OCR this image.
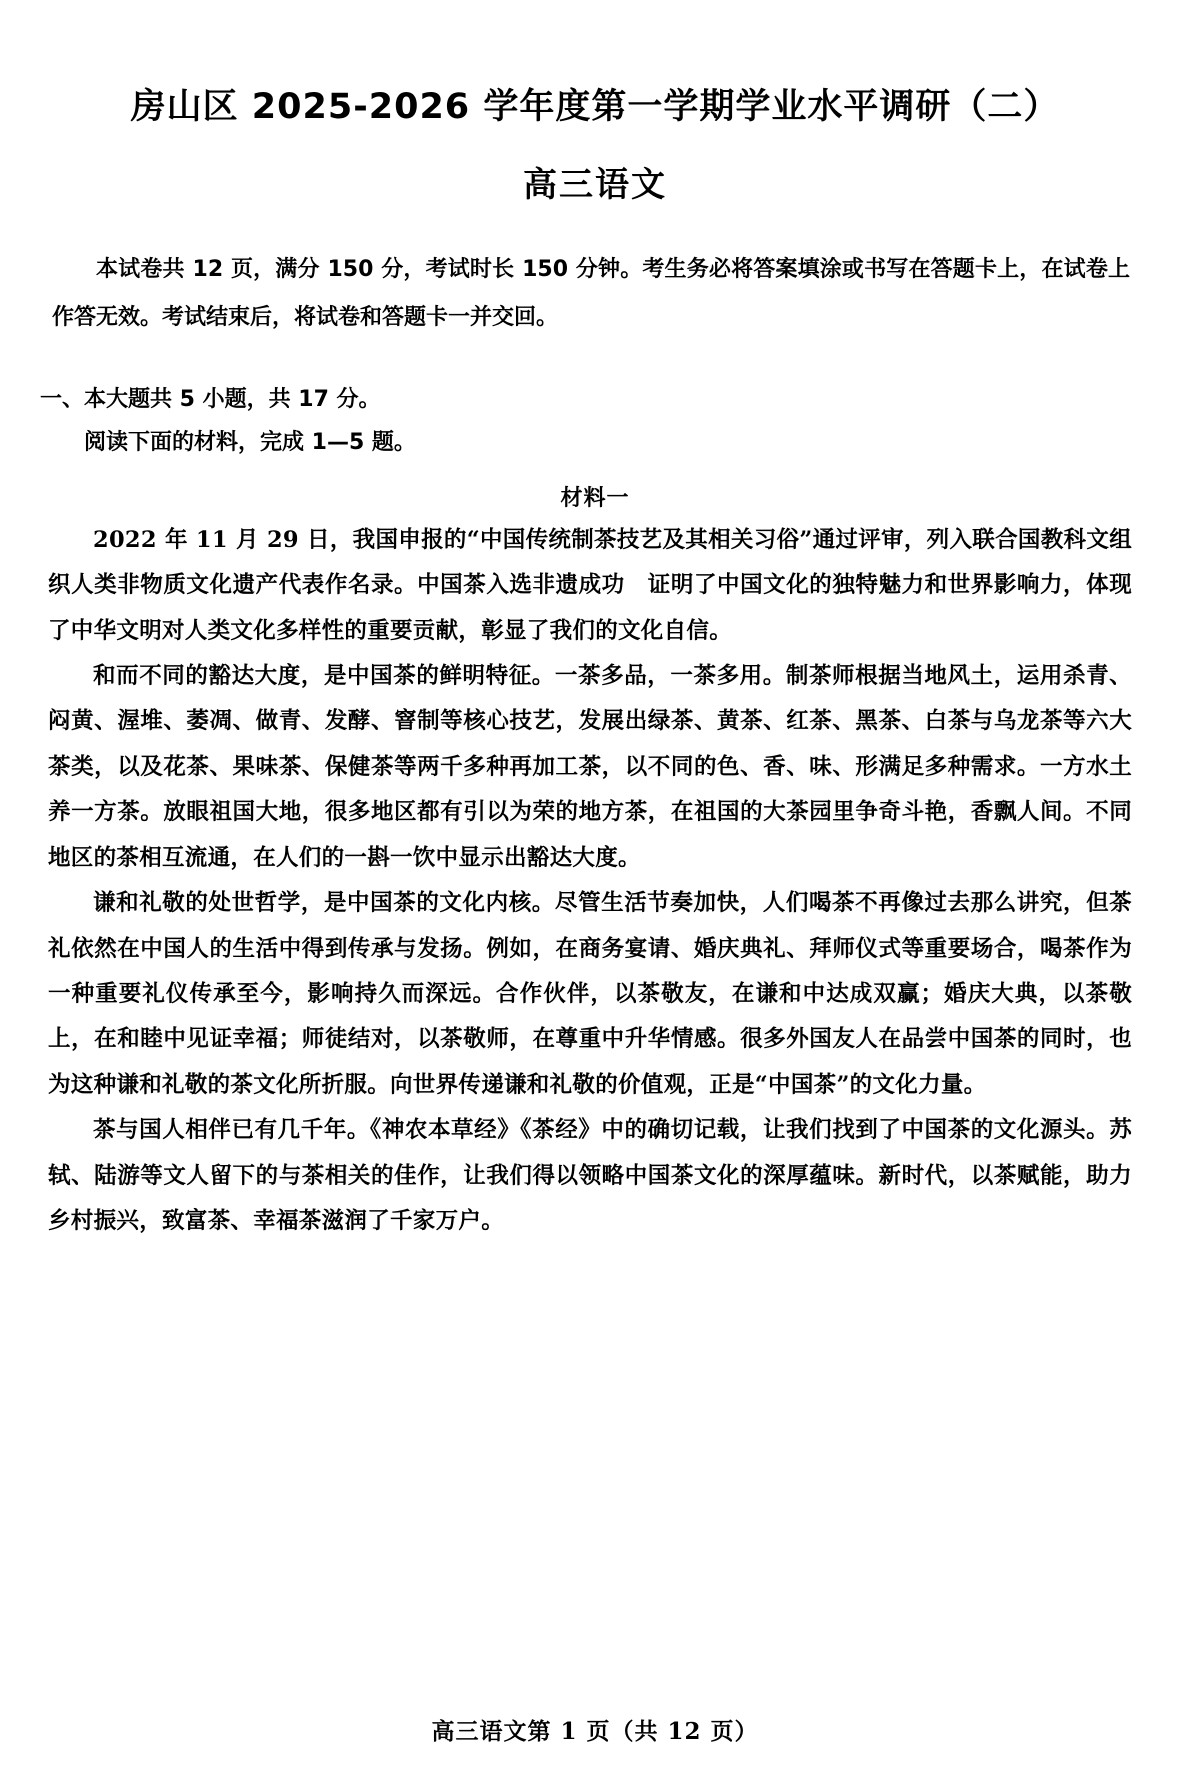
房山区 2025-2026 学年度第一学期学业水平调研（二）
高三语文

本试卷共 12 页，满分 150 分，考试时长 150 分钟。考生务必将答案填涂或书写在答题卡上，在试卷上作答无效。考试结束后，将试卷和答题卡一并交回。

一、本大题共 5 小题，共 17 分。

阅读下面的材料，完成 1—5 题。

材料一

2022 年 11 月 29 日，我国申报的“中国传统制茶技艺及其相关习俗”通过评审，列入联合国教科文组织人类非物质文化遗产代表作名录。中国茶入选非遗成功　证明了中国文化的独特魅力和世界影响力，体现了中华文明对人类文化多样性的重要贡献，彰显了我们的文化自信。

和而不同的豁达大度，是中国茶的鲜明特征。一茶多品，一茶多用。制茶师根据当地风土，运用杀青、闷黄、渥堆、萎凋、做青、发酵、窨制等核心技艺，发展出绿茶、黄茶、红茶、黑茶、白茶与乌龙茶等六大茶类，以及花茶、果味茶、保健茶等两千多种再加工茶，以不同的色、香、味、形满足多种需求。一方水土养一方茶。放眼祖国大地，很多地区都有引以为荣的地方茶，在祖国的大茶园里争奇斗艳，香飘人间。不同地区的茶相互流通，在人们的一斟一饮中显示出豁达大度。

谦和礼敬的处世哲学，是中国茶的文化内核。尽管生活节奏加快，人们喝茶不再像过去那么讲究，但茶礼依然在中国人的生活中得到传承与发扬。例如，在商务宴请、婚庆典礼、拜师仪式等重要场合，喝茶作为一种重要礼仪传承至今，影响持久而深远。合作伙伴，以茶敬友，在谦和中达成双赢；婚庆大典，以茶敬上，在和睦中见证幸福；师徒结对，以茶敬师，在尊重中升华情感。很多外国友人在品尝中国茶的同时，也为这种谦和礼敬的茶文化所折服。向世界传递谦和礼敬的价值观，正是“中国茶”的文化力量。

茶与国人相伴已有几千年。《神农本草经》《茶经》中的确切记载，让我们找到了中国茶的文化源头。苏轼、陆游等文人留下的与茶相关的佳作，让我们得以领略中国茶文化的深厚蕴味。新时代，以茶赋能，助力乡村振兴，致富茶、幸福茶滋润了千家万户。

高三语文第 1 页（共 12 页）
